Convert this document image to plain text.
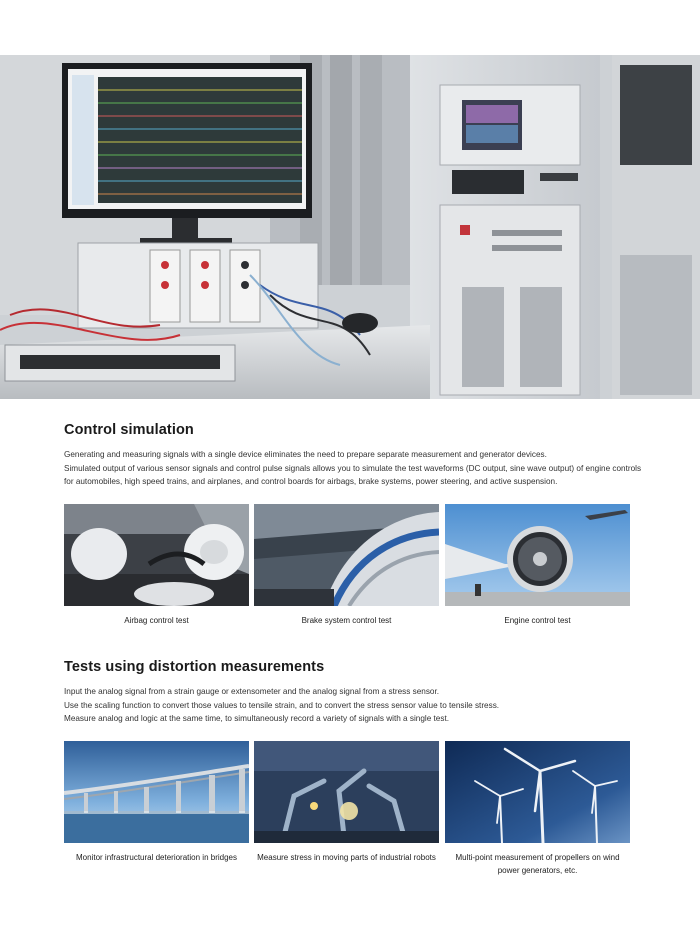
Control simulation

Generating and measuring signals with a single device eliminates the need to prepare separate measurement and generator devices.

Simulated output of various sensor signals and control pulse signals allows you to simulate the test waveforms (DC output, sine wave output) of engine controls for automobiles, high speed trains, and airplanes, and control boards for airbags, brake systems, power steering, and active suspension.

Airbag control test	Brake system control test	Engine control test

Tests using distortion measurements

Input the analog signal from a strain gauge or extensometer and the analog signal from a stress sensor.

Use the scaling function to convert those values to tensile strain, and to convert the stress sensor value to tensile stress.

Measure analog and logic at the same time, to simultaneously record a variety of signals with a single test.

Monitor infrastructural deterioration in bridges	Measure stress in moving parts of industrial robots	Multi-point measurement of propellers on wind power generators, etc.
